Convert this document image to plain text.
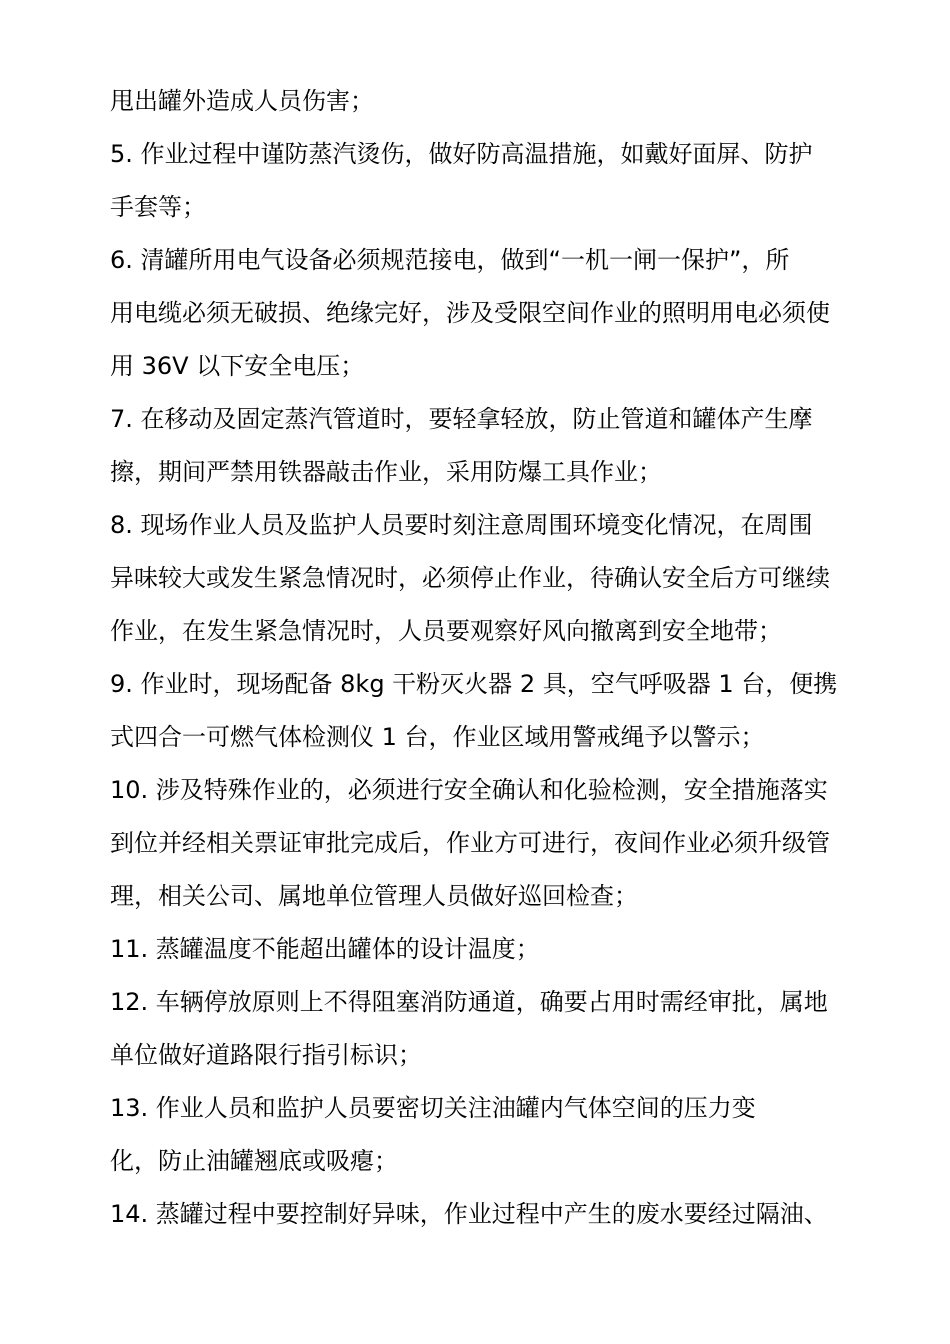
甩出罐外造成人员伤害；
5. 作业过程中谨防蒸汽烫伤，做好防高温措施，如戴好面屏、防护
手套等；
6. 清罐所用电气设备必须规范接电，做到“一机一闸一保护”，所
用电缆必须无破损、绝缘完好，涉及受限空间作业的照明用电必须使
用 36V 以下安全电压；
7. 在移动及固定蒸汽管道时，要轻拿轻放，防止管道和罐体产生摩
擦，期间严禁用铁器敲击作业，采用防爆工具作业；
8. 现场作业人员及监护人员要时刻注意周围环境变化情况，在周围
异味较大或发生紧急情况时，必须停止作业，待确认安全后方可继续
作业，在发生紧急情况时，人员要观察好风向撤离到安全地带；
9. 作业时，现场配备 8kg 干粉灭火器 2 具，空气呼吸器 1 台，便携
式四合一可燃气体检测仪 1 台，作业区域用警戒绳予以警示；
10. 涉及特殊作业的，必须进行安全确认和化验检测，安全措施落实
到位并经相关票证审批完成后，作业方可进行，夜间作业必须升级管
理，相关公司、属地单位管理人员做好巡回检查；
11. 蒸罐温度不能超出罐体的设计温度；
12. 车辆停放原则上不得阻塞消防通道，确要占用时需经审批，属地
单位做好道路限行指引标识；
13. 作业人员和监护人员要密切关注油罐内气体空间的压力变
化，防止油罐翘底或吸瘪；
14. 蒸罐过程中要控制好异味，作业过程中产生的废水要经过隔油、
